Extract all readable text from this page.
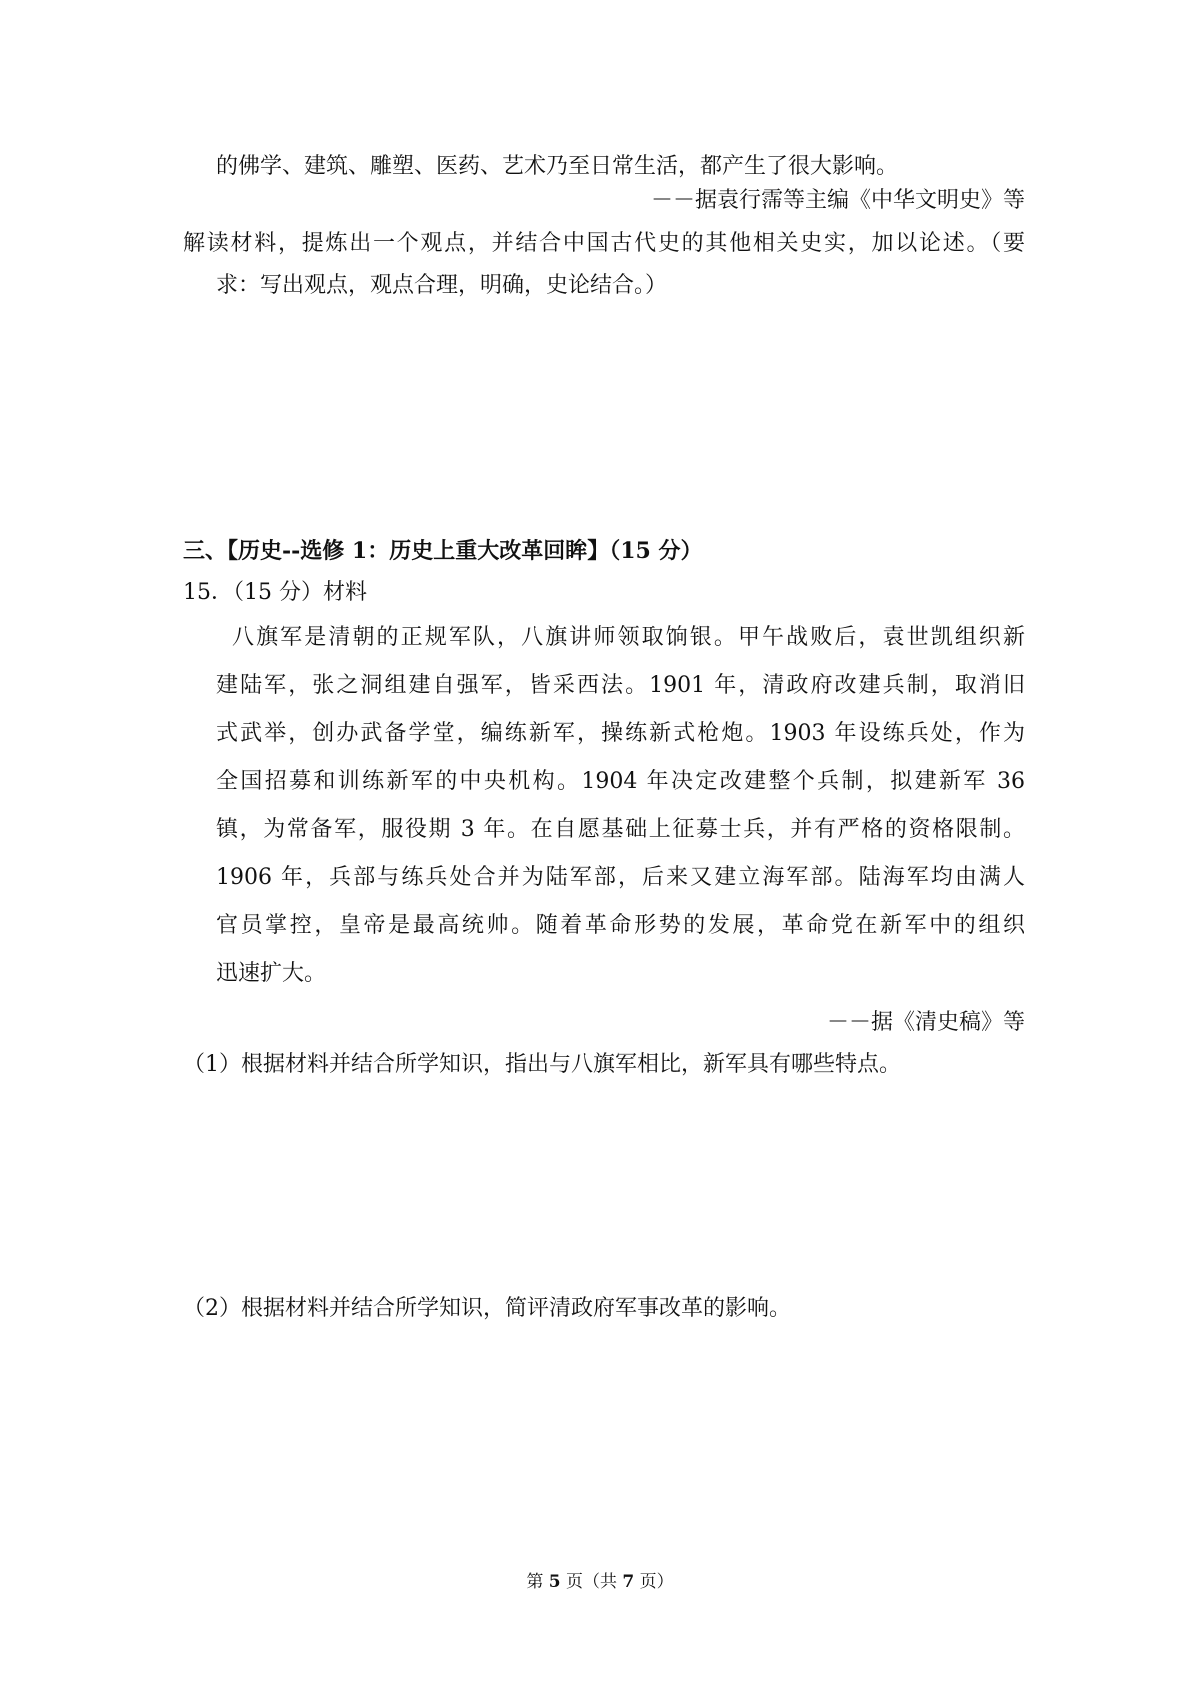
的佛学、建筑、雕塑、医药、艺术乃至日常生活，都产生了很大影响。
－－据袁行霈等主编《中华文明史》等
解读材料，提炼出一个观点，并结合中国古代史的其他相关史实，加以论述。（要
求：写出观点，观点合理，明确，史论结合。）
三、【历史--选修 1：历史上重大改革回眸】（15 分）
15．（15 分）材料
八旗军是清朝的正规军队，八旗讲师领取饷银。甲午战败后，袁世凯组织新
建陆军，张之洞组建自强军，皆采西法。1901 年，清政府改建兵制，取消旧
式武举，创办武备学堂，编练新军，操练新式枪炮。1903 年设练兵处，作为
全国招募和训练新军的中央机构。1904 年决定改建整个兵制，拟建新军 36
镇，为常备军，服役期 3 年。在自愿基础上征募士兵，并有严格的资格限制。
1906 年，兵部与练兵处合并为陆军部，后来又建立海军部。陆海军均由满人
官员掌控，皇帝是最高统帅。随着革命形势的发展，革命党在新军中的组织
迅速扩大。
－－据《清史稿》等
（1）根据材料并结合所学知识，指出与八旗军相比，新军具有哪些特点。
（2）根据材料并结合所学知识，简评清政府军事改革的影响。
第 5 页（共 7 页）
